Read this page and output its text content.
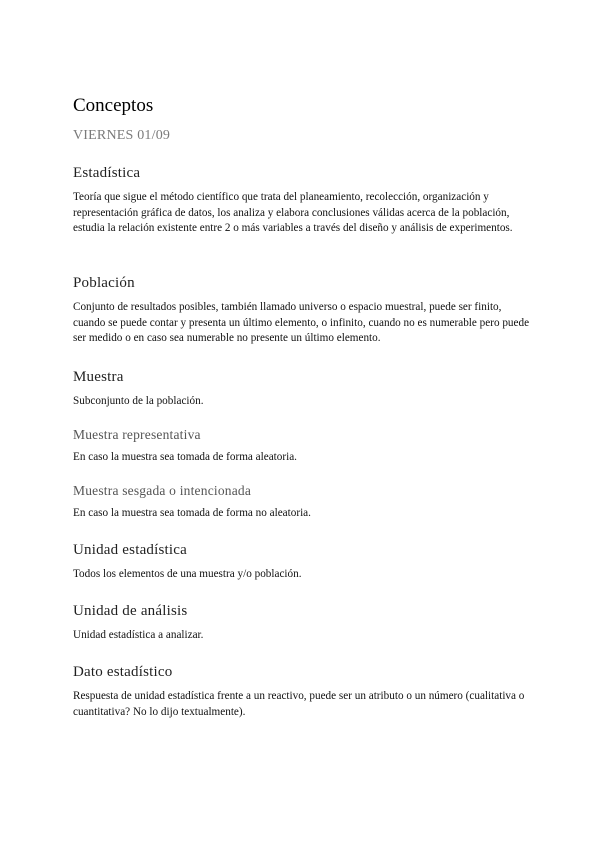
Conceptos
VIERNES 01/09
Estadística

Teoría que sigue el método científico que trata del planeamiento, recolección, organización y representación gráfica de datos, los analiza y elabora conclusiones válidas acerca de la población, estudia la relación existente entre 2 o más variables a través del diseño y análisis de experimentos.

Población

Conjunto de resultados posibles, también llamado universo o espacio muestral, puede ser finito, cuando se puede contar y presenta un último elemento, o infinito, cuando no es numerable pero puede ser medido o en caso sea numerable no presente un último elemento.

Muestra

Subconjunto de la población.

Muestra representativa

En caso la muestra sea tomada de forma aleatoria.

Muestra sesgada o intencionada

En caso la muestra sea tomada de forma no aleatoria.

Unidad estadística

Todos los elementos de una muestra y/o población.

Unidad de análisis

Unidad estadística a analizar.

Dato estadístico

Respuesta de unidad estadística frente a un reactivo, puede ser un atributo o un número (cualitativa o cuantitativa? No lo dijo textualmente).
